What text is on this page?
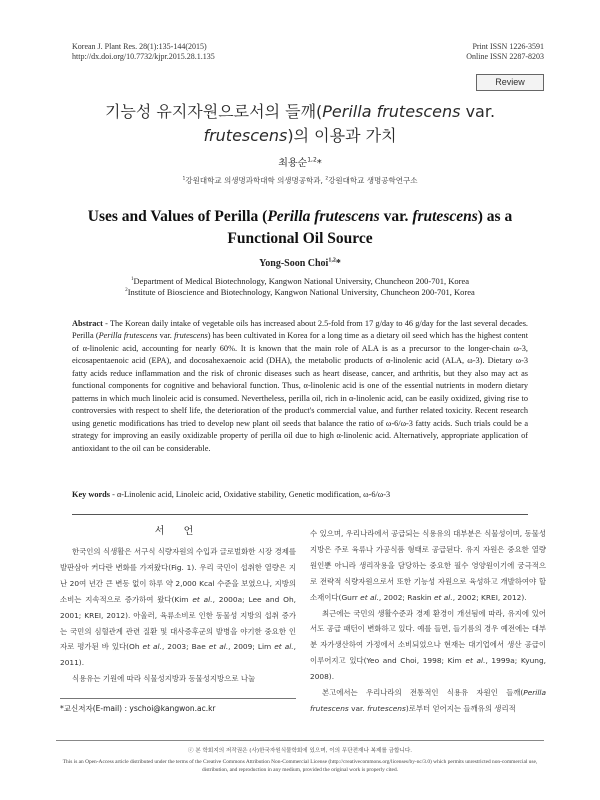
Korean J. Plant Res. 28(1):135-144(2015)
http://dx.doi.org/10.7732/kjpr.2015.28.1.135
Print ISSN 1226-3591
Online ISSN 2287-8203
Review
기능성 유지자원으로서의 들깨(Perilla frutescens var.
frutescens)의 이용과 가치
최용순$^{1,2}$*
$^1$강원대학교 의생명과학대학 의생명공학과, $^2$강원대학교 생명공학연구소
Uses and Values of Perilla (Perilla frutescens var. frutescens) as a Functional Oil Source
Yong-Soon Choi$^{1,2}$*
$^1$Department of Medical Biotechnology, Kangwon National University, Chuncheon 200-701, Korea
$^2$Institute of Bioscience and Biotechnology, Kangwon National University, Chuncheon 200-701, Korea
Abstract - The Korean daily intake of vegetable oils has increased about 2.5-fold from 17 g/day to 46 g/day for the last several decades. Perilla (Perilla frutescens var. frutescens) has been cultivated in Korea for a long time as a dietary oil seed which has the highest content of α-linolenic acid, accounting for nearly 60%. It is known that the main role of ALA is as a precursor to the longer-chain ω-3, eicosapentaenoic acid (EPA), and docosahexaenoic acid (DHA), the metabolic products of α-linolenic acid (ALA, ω-3). Dietary ω-3 fatty acids reduce inflammation and the risk of chronic diseases such as heart disease, cancer, and arthritis, but they also may act as functional components for cognitive and behavioral function. Thus, α-linolenic acid is one of the essential nutrients in modern dietary patterns in which much linoleic acid is consumed. Nevertheless, perilla oil, rich in α-linolenic acid, can be easily oxidized, giving rise to controversies with respect to shelf life, the deterioration of the product's commercial value, and further related toxicity. Recent research using genetic modifications has tried to develop new plant oil seeds that balance the ratio of ω-6/ω-3 fatty acids. Such trials could be a strategy for improving an easily oxidizable property of perilla oil due to high α-linolenic acid. Alternatively, appropriate application of antioxidant to the oil can be considerable.
Key words - α-Linolenic acid, Linoleic acid, Oxidative stability, Genetic modification, ω-6/ω-3
서 언

한국인의 식생활은 서구식 식량자원의 수입과 글로벌화한 시장 경제를 발판삼아 커다란 변화를 가져왔다(Fig. 1). 우리 국민이 섭취한 열량은 지난 20여 년간 큰 변동 없이 하루 약 2,000 Kcal 수준을 보였으나, 지방의 소비는 지속적으로 증가하여 왔다(Kim et al., 2000a; Lee and Oh, 2001; KREI, 2012). 아울러, 육류소비로 인한 동물성 지방의 섭취 증가는 국민의 심혈관계 관련 질환 및 대사증후군의 발병을 야기한 중요한 인자로 평가된 바 있다(Oh et al., 2003; Bae et al., 2009; Lim et al., 2011).

식용유는 기원에 따라 식물성지방과 동물성지방으로 나눌

*교신저자(E-mail) : yschoi@kangwon.ac.kr

수 있으며, 우리나라에서 공급되는 식용유의 대부분은 식물성이며, 동물성 지방은 주로 육류나 가공식품 형태로 공급된다. 유지 자원은 중요한 열량원인뿐 아니라 생리작용을 담당하는 중요한 필수 영양원이기에 궁극적으로 전략적 식량자원으로서 또한 기능성 자원으로 육성하고 개발하여야 할 소재이다(Gurr et al., 2002; Raskin et al., 2002; KREI, 2012).

최근에는 국민의 생활수준과 경제 환경이 개선됨에 따라, 유지에 있어서도 공급 패턴이 변화하고 있다. 예를 들면, 들기름의 경우 예전에는 대부분 자가생산하여 가정에서 소비되었으나 현재는 대기업에서 생산 공급이 이루어지고 있다(Yeo and Choi, 1998; Kim et al., 1999a; Kyung, 2008).

본고에서는 우리나라의 전통적인 식용유 자원인 들깨(Perilla frutescens var. frutescens)로부터 얻어지는 들깨유의 생리적

ⓒ 본 학회지의 저작권은 (사)한국자원식물학회에 있으며, 이의 무단전재나 복제를 금합니다.
This is an Open-Access article distributed under the terms of the Creative Commons Attribution Non-Commercial License (http://creativecommons.org/licenses/by-nc/3.0) which permits unrestricted non-commercial use, distribution, and reproduction in any medium, provided the original work is properly cited.
